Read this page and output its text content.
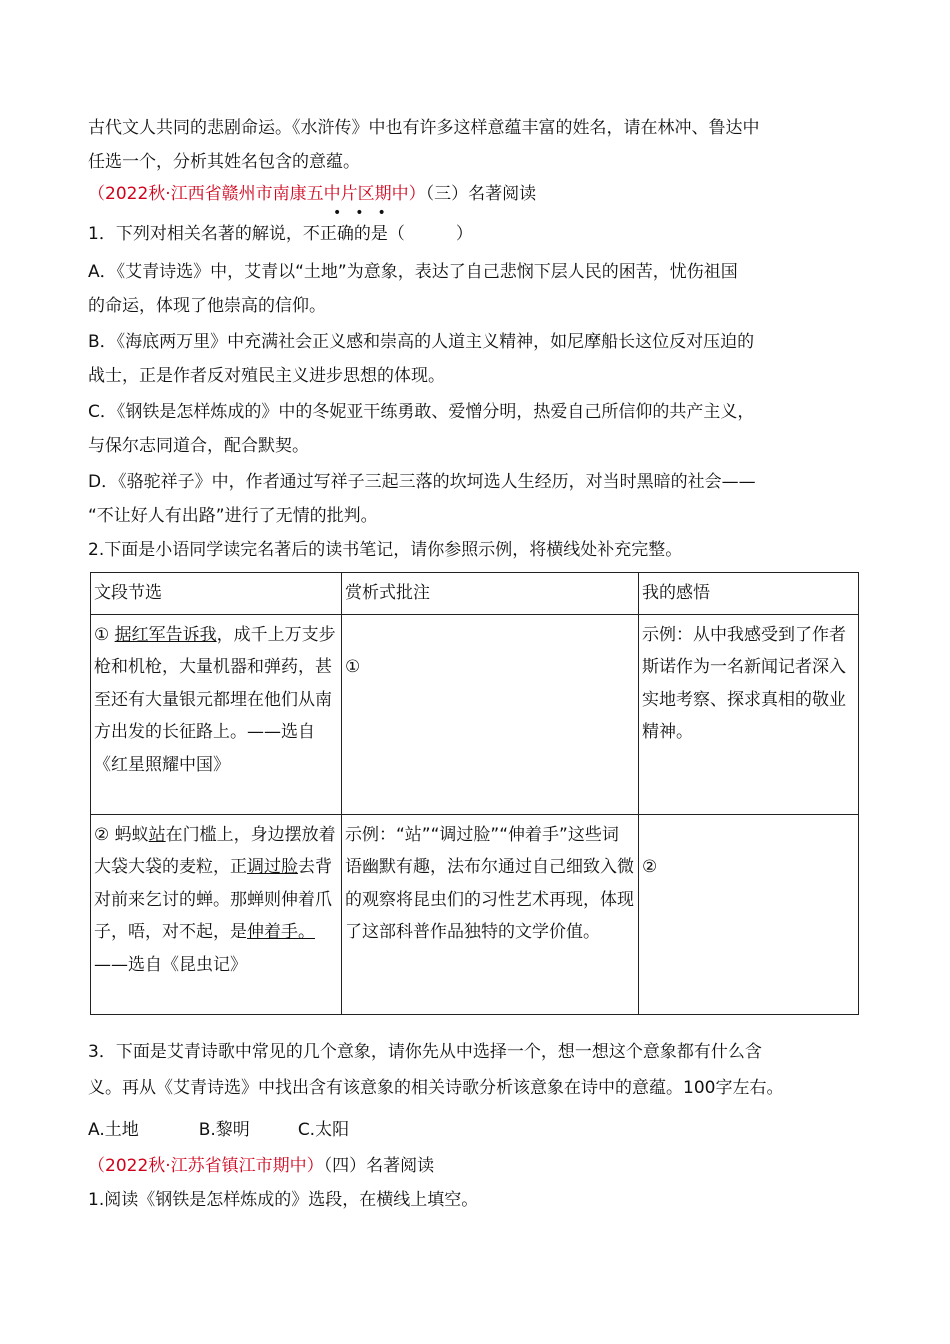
古代文人共同的悲剧命运。《水浒传》中也有许多这样意蕴丰富的姓名，请在林冲、鲁达中
任选一个，分析其姓名包含的意蕴。
（2022秋·江西省赣州市南康五中片区期中）（三）名著阅读
•••
1．下列对相关名著的解说，不正确的是（　　　）
A．《艾青诗选》中，艾青以“土地”为意象，表达了自己悲悯下层人民的困苦，忧伤祖国
的命运，体现了他崇高的信仰。
B．《海底两万里》中充满社会正义感和崇高的人道主义精神，如尼摩船长这位反对压迫的
战士，正是作者反对殖民主义进步思想的体现。
C．《钢铁是怎样炼成的》中的冬妮亚干练勇敢、爱憎分明，热爱自己所信仰的共产主义，
与保尔志同道合，配合默契。
D．《骆驼祥子》中，作者通过写祥子三起三落的坎坷选人生经历，对当时黑暗的社会——
“不让好人有出路”进行了无情的批判。
2.下面是小语同学读完名著后的读书笔记，请你参照示例，将横线处补充完整。
文段节选	赏析式批注	我的感悟
① 据红军告诉我，成千上万支步枪和机枪，大量机器和弹药，甚至还有大量银元都埋在他们从南方出发的长征路上。——选自《红星照耀中国》	①	示例：从中我感受到了作者斯诺作为一名新闻记者深入实地考察、探求真相的敬业精神。
② 蚂蚁站在门槛上，身边摆放着大袋大袋的麦粒，正调过脸去背对前来乞讨的蝉。那蝉则伸着爪子，唔，对不起，是伸着手。——选自《昆虫记》	示例：“站”“调过脸”“伸着手”这些词语幽默有趣，法布尔通过自己细致入微的观察将昆虫们的习性艺术再现，体现了这部科普作品独特的文学价值。	②
3．下面是艾青诗歌中常见的几个意象，请你先从中选择一个，想一想这个意象都有什么含
义。再从《艾青诗选》中找出含有该意象的相关诗歌分析该意象在诗中的意蕴。100字左右。
A.土地	B.黎明	C.太阳
（2022秋·江苏省镇江市期中）（四）名著阅读
1.阅读《钢铁是怎样炼成的》选段，在横线上填空。
